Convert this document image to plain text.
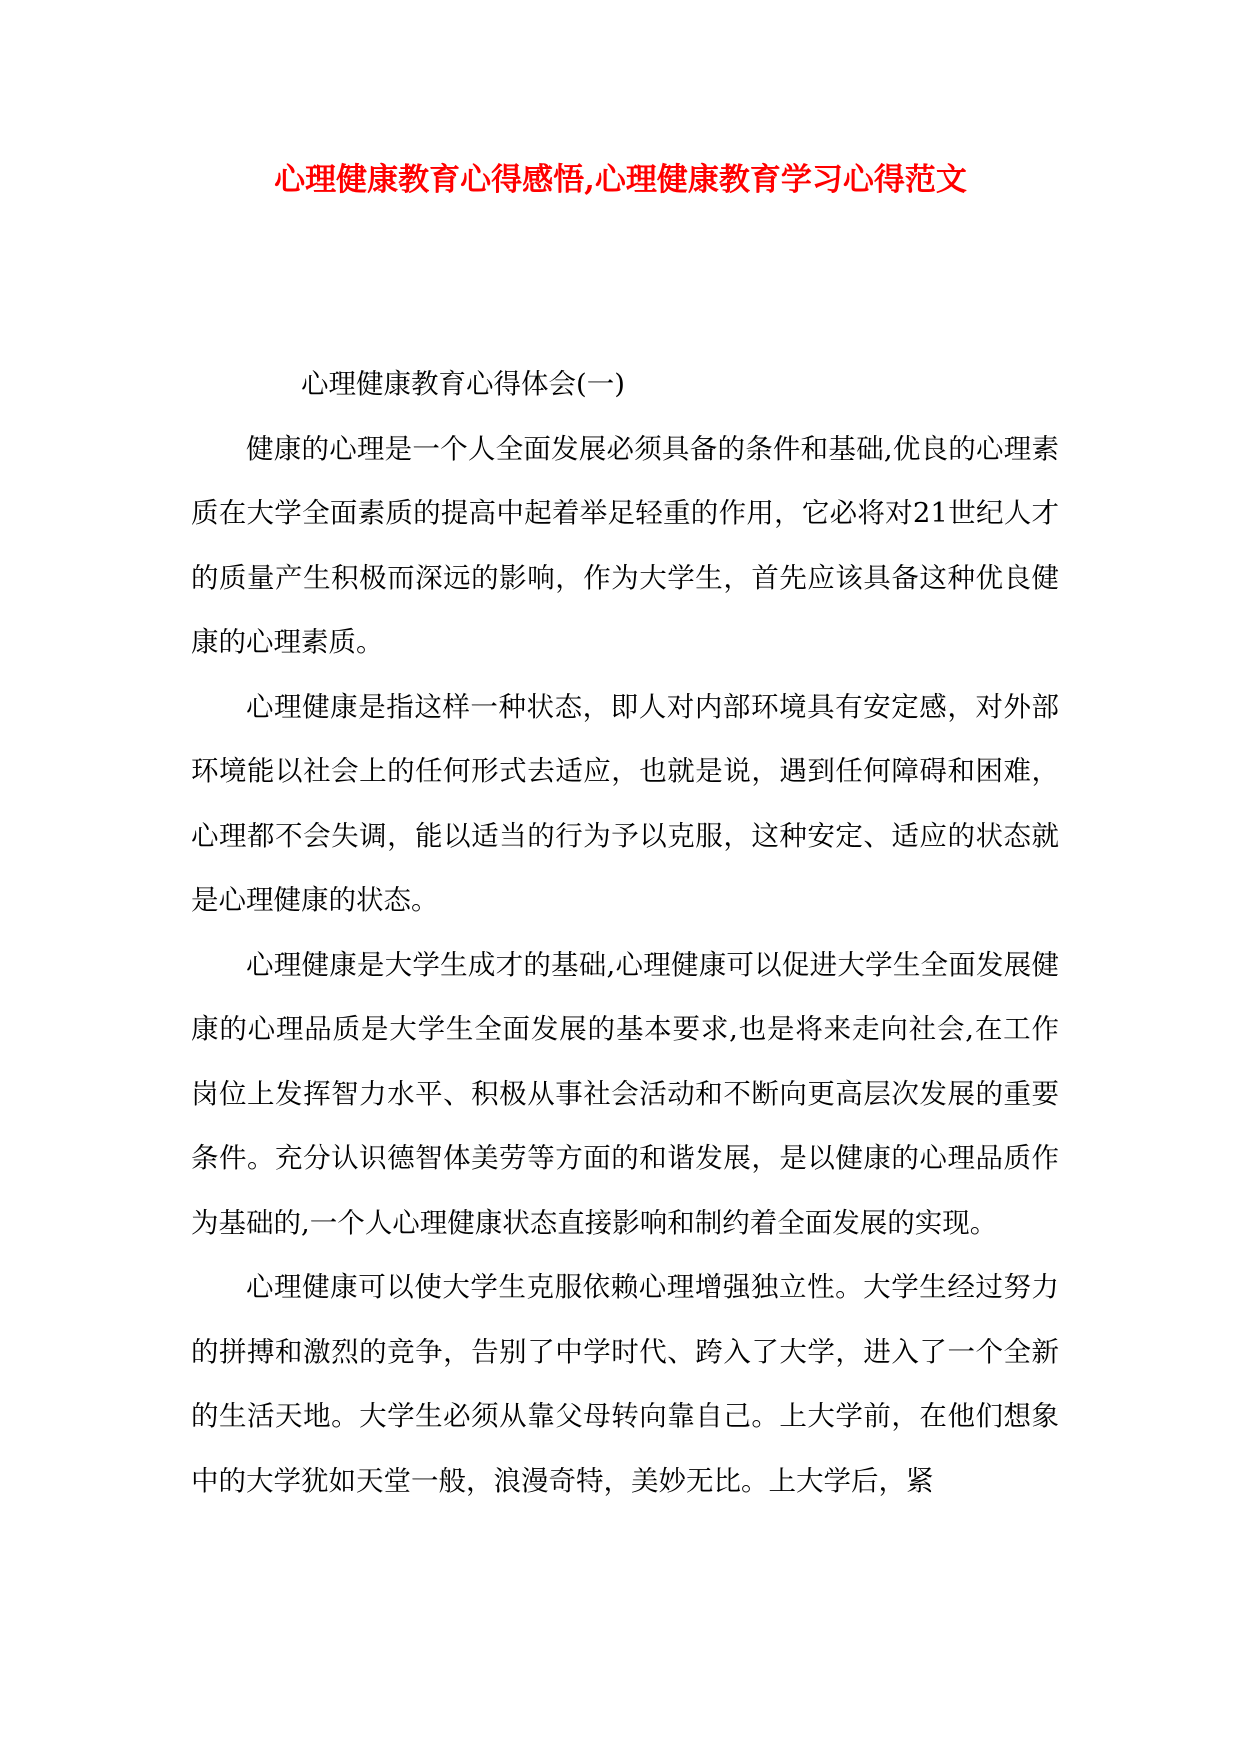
心理健康教育心得感悟,心理健康教育学习心得范文

心理健康教育心得体会(一)

健康的心理是一个人全面发展必须具备的条件和基础,优良的心理素质在大学全面素质的提高中起着举足轻重的作用，它必将对21世纪人才的质量产生积极而深远的影响，作为大学生，首先应该具备这种优良健康的心理素质。

心理健康是指这样一种状态，即人对内部环境具有安定感，对外部环境能以社会上的任何形式去适应，也就是说，遇到任何障碍和困难，心理都不会失调，能以适当的行为予以克服，这种安定、适应的状态就是心理健康的状态。

心理健康是大学生成才的基础,心理健康可以促进大学生全面发展健康的心理品质是大学生全面发展的基本要求,也是将来走向社会,在工作岗位上发挥智力水平、积极从事社会活动和不断向更高层次发展的重要条件。充分认识德智体美劳等方面的和谐发展，是以健康的心理品质作为基础的,一个人心理健康状态直接影响和制约着全面发展的实现。

心理健康可以使大学生克服依赖心理增强独立性。大学生经过努力的拼搏和激烈的竞争，告别了中学时代、跨入了大学，进入了一个全新的生活天地。大学生必须从靠父母转向靠自己。上大学前，在他们想象中的大学犹如天堂一般，浪漫奇特，美妙无比。上大学后，紧
